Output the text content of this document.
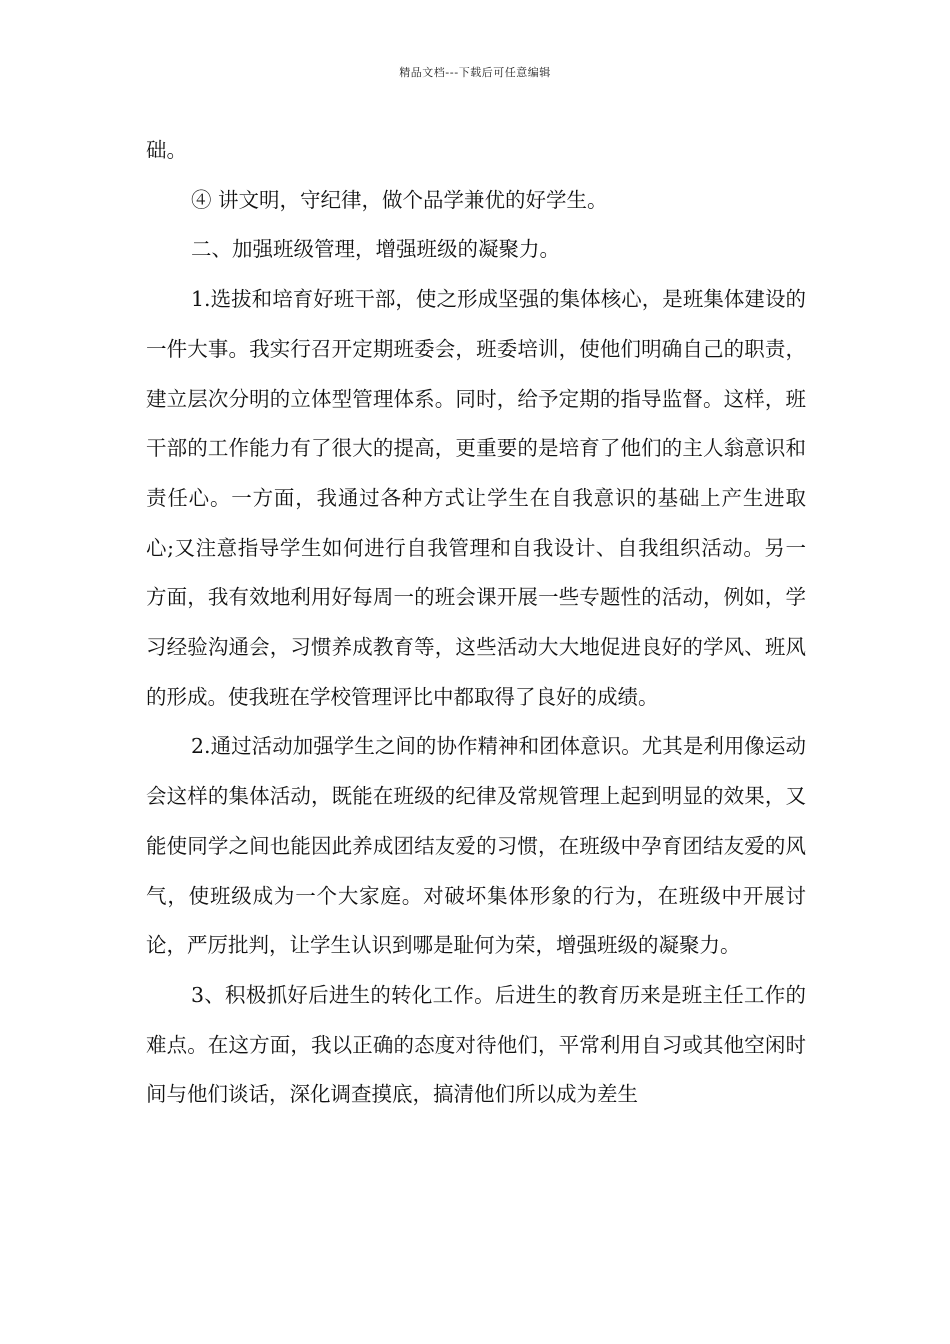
精品文档---下载后可任意编辑

础。

④ 讲文明，守纪律，做个品学兼优的好学生。

二、加强班级管理，增强班级的凝聚力。

1.选拔和培育好班干部，使之形成坚强的集体核心，是班集体建设的一件大事。我实行召开定期班委会，班委培训，使他们明确自己的职责，建立层次分明的立体型管理体系。同时，给予定期的指导监督。这样，班干部的工作能力有了很大的提高，更重要的是培育了他们的主人翁意识和责任心。一方面，我通过各种方式让学生在自我意识的基础上产生进取心;又注意指导学生如何进行自我管理和自我设计、自我组织活动。另一方面，我有效地利用好每周一的班会课开展一些专题性的活动，例如，学习经验沟通会，习惯养成教育等，这些活动大大地促进良好的学风、班风的形成。使我班在学校管理评比中都取得了良好的成绩。

2.通过活动加强学生之间的协作精神和团体意识。尤其是利用像运动会这样的集体活动，既能在班级的纪律及常规管理上起到明显的效果，又能使同学之间也能因此养成团结友爱的习惯，在班级中孕育团结友爱的风气，使班级成为一个大家庭。对破坏集体形象的行为，在班级中开展讨论，严厉批判，让学生认识到哪是耻何为荣，增强班级的凝聚力。

3、积极抓好后进生的转化工作。后进生的教育历来是班主任工作的难点。在这方面，我以正确的态度对待他们，平常利用自习或其他空闲时间与他们谈话，深化调查摸底，搞清他们所以成为差生
